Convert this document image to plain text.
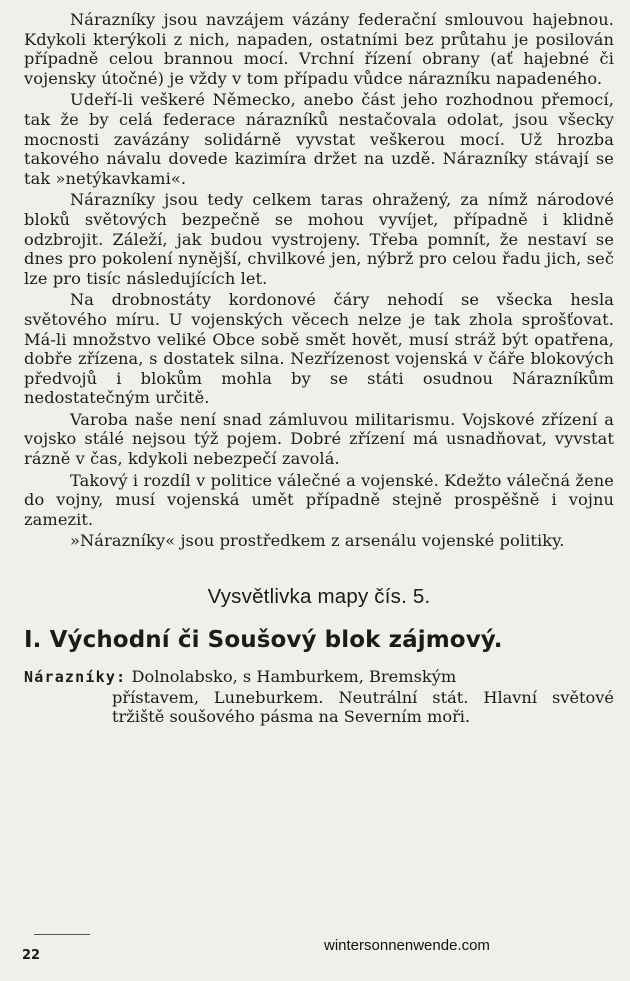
Nárazníky jsou navzájem vázány federační smlouvou hajebnou. Kdykoli kterýkoli z nich, napaden, ostatními bez průtahu je posilován případně celou brannou mocí. Vrchní řízení obrany (ať hajebné či vojensky útočné) je vždy v tom případu vůdce nárazníku napadeného.

Udeří-li veškeré Německo, anebo část jeho rozhodnou přemocí, tak že by celá federace nárazníků nestačovala odolat, jsou všecky mocnosti zavázány solidárně vyvstat veškerou mocí. Už hrozba takového návalu dovede kazimíra držet na uzdě. Nárazníky stávají se tak »netýkavkami«.

Nárazníky jsou tedy celkem taras ohražený, za nímž národové bloků světových bezpečně se mohou vyvíjet, případně i klidně odzbrojit. Záleží, jak budou vystrojeny. Třeba pomnít, že nestaví se dnes pro pokolení nynější, chvilkové jen, nýbrž pro celou řadu jich, seč lze pro tisíc následujících let.

Na drobnostáty kordonové čáry nehodí se všecka hesla světového míru. U vojenských věcech nelze je tak zhola sprošťovat. Má-li množstvo veliké Obce sobě smět hovět, musí stráž být opatřena, dobře zřízena, s dostatek silna. Nezřízenost vojenská v čáře blokových předvojů i blokům mohla by se státi osudnou Nárazníkům nedostatečným určitě.

Varoba naše není snad zámluvou militarismu. Vojskové zřízení a vojsko stálé nejsou týž pojem. Dobré zřízení má usnadňovat, vyvstat rázně v čas, kdykoli nebezpečí zavolá.

Takový i rozdíl v politice válečné a vojenské. Kdežto válečná žene do vojny, musí vojenská umět případně stejně prospěšně i vojnu zamezit.

»Nárazníky« jsou prostředkem z arsenálu vojenské politiky.

Vysvětlivka mapy čís. 5.
I. Východní či Soušový blok zájmový.
Nárazníky: Dolnolabsko, s Hamburkem, Bremským
přístavem, Luneburkem. Neutrální stát. Hlavní světové tržiště soušového pásma na Severním moři.
22
wintersonnenwende.com
